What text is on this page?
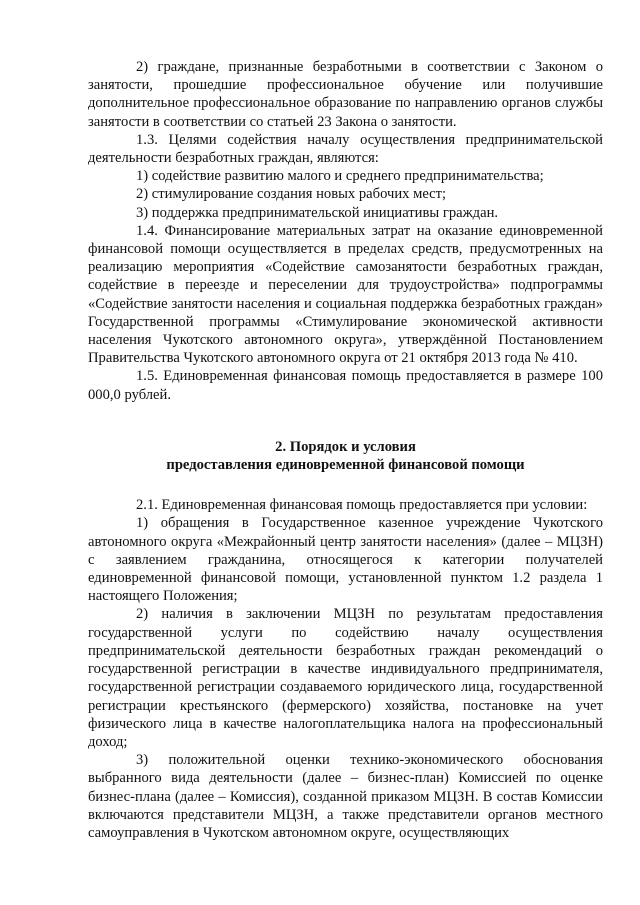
2) граждане, признанные безработными в соответствии с Законом о занятости, прошедшие профессиональное обучение или получившие дополнительное профессиональное образование по направлению органов службы занятости в соответствии со статьей 23 Закона о занятости.

1.3. Целями содействия началу осуществления предпринимательской деятельности безработных граждан, являются:

1) содействие развитию малого и среднего предпринимательства;

2) стимулирование создания новых рабочих мест;

3) поддержка предпринимательской инициативы граждан.

1.4. Финансирование материальных затрат на оказание единовременной финансовой помощи осуществляется в пределах средств, предусмотренных на реализацию мероприятия «Содействие самозанятости безработных граждан, содействие в переезде и переселении для трудоустройства» подпрограммы «Содействие занятости населения и социальная поддержка безработных граждан» Государственной программы «Стимулирование экономической активности населения Чукотского автономного округа», утверждённой Постановлением Правительства Чукотского автономного округа от 21 октября 2013 года № 410.

1.5. Единовременная финансовая помощь предоставляется в размере 100 000,0 рублей.

2. Порядок и условия

предоставления единовременной финансовой помощи

2.1. Единовременная финансовая помощь предоставляется при условии:

1) обращения в Государственное казенное учреждение Чукотского автономного округа «Межрайонный центр занятости населения» (далее – МЦЗН) с заявлением гражданина, относящегося к категории получателей единовременной финансовой помощи, установленной пунктом 1.2 раздела 1 настоящего Положения;

2) наличия в заключении МЦЗН по результатам предоставления государственной услуги по содействию началу осуществления предпринимательской деятельности безработных граждан рекомендаций о государственной регистрации в качестве индивидуального предпринимателя, государственной регистрации создаваемого юридического лица, государственной регистрации крестьянского (фермерского) хозяйства, постановке на учет физического лица в качестве налогоплательщика налога на профессиональный доход;

3) положительной оценки технико-экономического обоснования выбранного вида деятельности (далее – бизнес-план) Комиссией по оценке бизнес-плана (далее – Комиссия), созданной приказом МЦЗН. В состав Комиссии включаются представители МЦЗН, а также представители органов местного самоуправления в Чукотском автономном округе, осуществляющих
